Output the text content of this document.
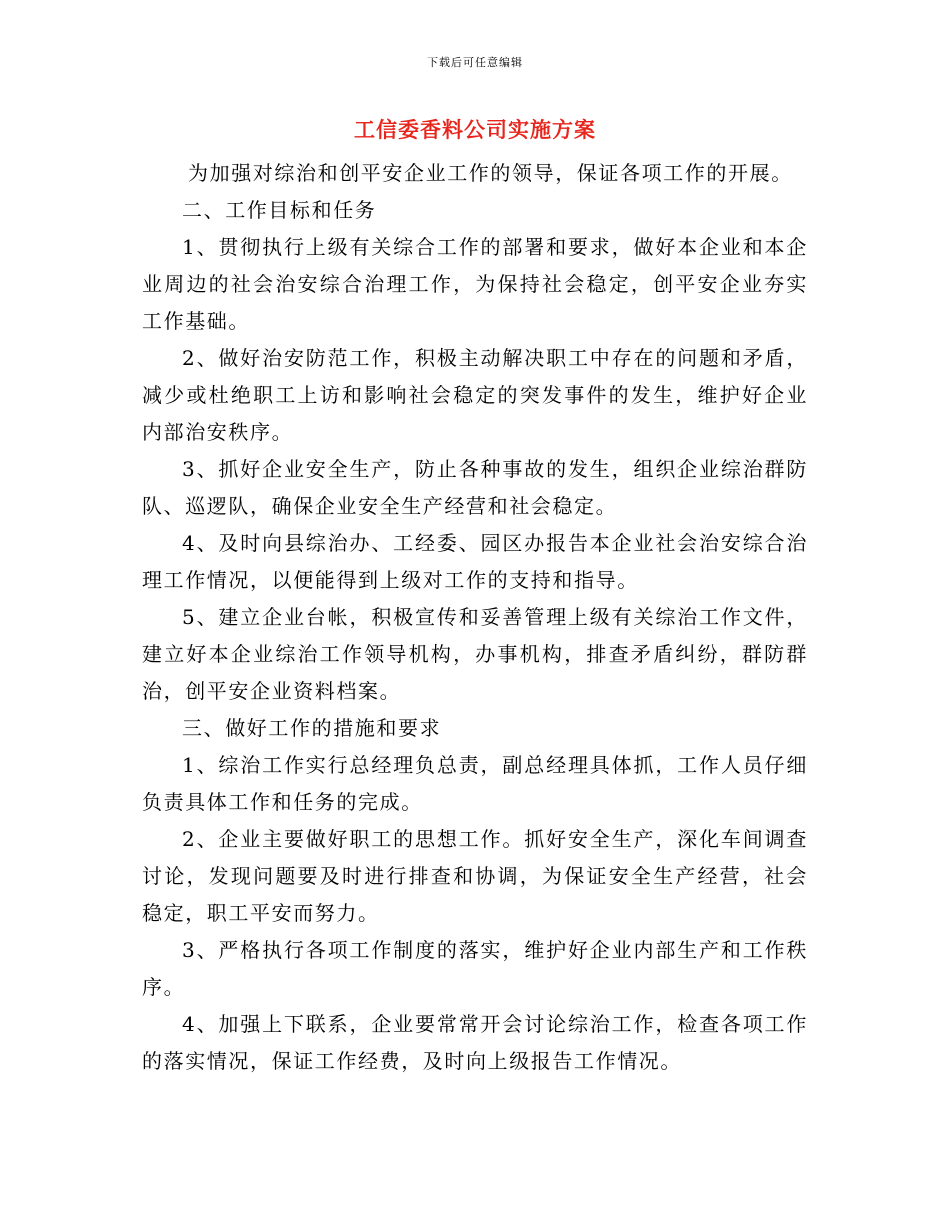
下载后可任意编辑
工信委香料公司实施方案

为加强对综治和创平安企业工作的领导，保证各项工作的开展。

二、工作目标和任务

1、贯彻执行上级有关综合工作的部署和要求，做好本企业和本企业周边的社会治安综合治理工作，为保持社会稳定，创平安企业夯实工作基础。

2、做好治安防范工作，积极主动解决职工中存在的问题和矛盾，减少或杜绝职工上访和影响社会稳定的突发事件的发生，维护好企业内部治安秩序。

3、抓好企业安全生产，防止各种事故的发生，组织企业综治群防队、巡逻队，确保企业安全生产经营和社会稳定。

4、及时向县综治办、工经委、园区办报告本企业社会治安综合治理工作情况，以便能得到上级对工作的支持和指导。

5、建立企业台帐，积极宣传和妥善管理上级有关综治工作文件，建立好本企业综治工作领导机构，办事机构，排查矛盾纠纷，群防群治，创平安企业资料档案。

三、做好工作的措施和要求

1、综治工作实行总经理负总责，副总经理具体抓，工作人员仔细负责具体工作和任务的完成。

2、企业主要做好职工的思想工作。抓好安全生产，深化车间调查讨论，发现问题要及时进行排查和协调，为保证安全生产经营，社会稳定，职工平安而努力。

3、严格执行各项工作制度的落实，维护好企业内部生产和工作秩序。

4、加强上下联系，企业要常常开会讨论综治工作，检查各项工作的落实情况，保证工作经费，及时向上级报告工作情况。
